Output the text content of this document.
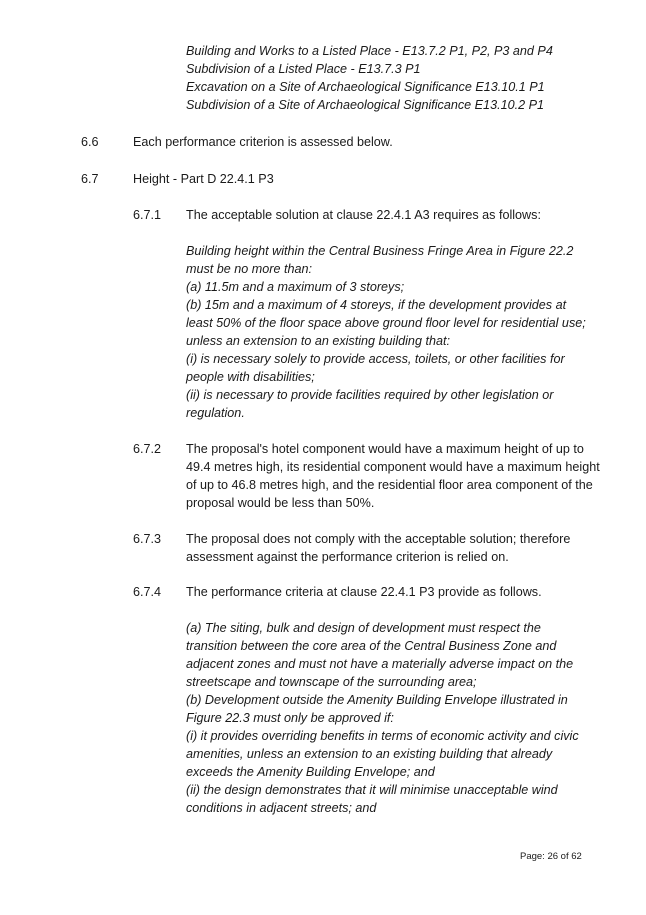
Building and Works to a Listed Place - E13.7.2 P1, P2, P3 and P4
Subdivision of a Listed Place - E13.7.3 P1
Excavation on a Site of Archaeological Significance E13.10.1 P1
Subdivision of a Site of Archaeological Significance E13.10.2 P1
6.6	Each performance criterion is assessed below.
6.7	Height - Part D 22.4.1 P3
6.7.1 The acceptable solution at clause 22.4.1 A3 requires as follows:
Building height within the Central Business Fringe Area in Figure 22.2
must be no more than:
(a) 11.5m and a maximum of 3 storeys;
(b) 15m and a maximum of 4 storeys, if the development provides at
least 50% of the floor space above ground floor level for residential use;
unless an extension to an existing building that:
(i) is necessary solely to provide access, toilets, or other facilities for
people with disabilities;
(ii) is necessary to provide facilities required by other legislation or
regulation.
6.7.2 The proposal's hotel component would have a maximum height of up to
49.4 metres high, its residential component would have a maximum height
of up to 46.8 metres high, and the residential floor area component of the
proposal would be less than 50%.
6.7.3 The proposal does not comply with the acceptable solution; therefore
assessment against the performance criterion is relied on.
6.7.4 The performance criteria at clause 22.4.1 P3 provide as follows.
(a) The siting, bulk and design of development must respect the
transition between the core area of the Central Business Zone and
adjacent zones and must not have a materially adverse impact on the
streetscape and townscape of the surrounding area;
(b) Development outside the Amenity Building Envelope illustrated in
Figure 22.3 must only be approved if:
(i) it provides overriding benefits in terms of economic activity and civic
amenities, unless an extension to an existing building that already
exceeds the Amenity Building Envelope; and
(ii) the design demonstrates that it will minimise unacceptable wind
conditions in adjacent streets; and
Page: 26 of 62
